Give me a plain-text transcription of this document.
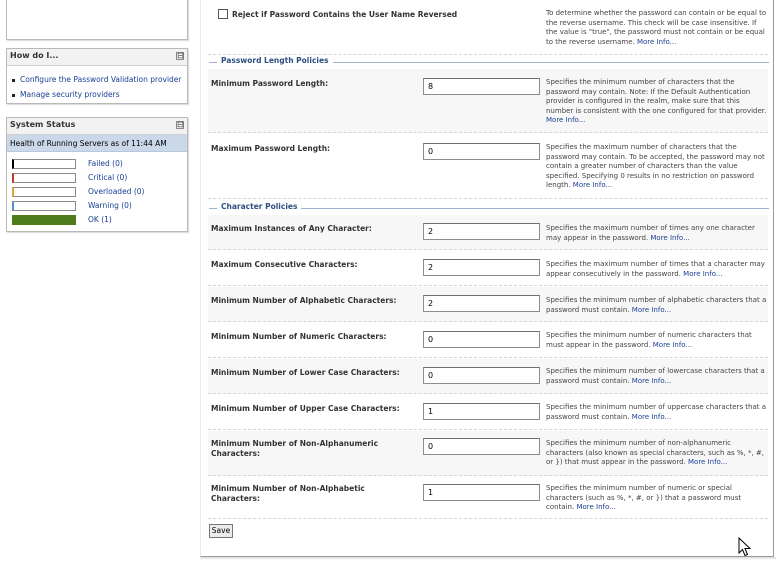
How do I...	⊟
Configure the Password Validation provider
Manage security providers
System Status	⊟
Health of Running Servers as of 11:44 AM
Failed (0)
Critical (0)
Overloaded (0)
Warning (0)
OK (1)
Reject if Password Contains the User Name Reversed	To determine whether the password can contain or be equal to the reverse username. This check will be case insensitive. If the value is "true", the password must not contain or be equal to the reverse username. More Info...
Password Length Policies
Minimum Password Length:	8	Specifies the minimum number of characters that the password may contain. Note: If the Default Authentication provider is configured in the realm, make sure that this number is consistent with the one configured for that provider. More Info...
Maximum Password Length:	0	Specifies the maximum number of characters that the password may contain. To be accepted, the password may not contain a greater number of characters than the value specified. Specifying 0 results in no restriction on password length. More Info...
Character Policies
Maximum Instances of Any Character:	2	Specifies the maximum number of times any one character may appear in the password. More Info...
Maximum Consecutive Characters:	2	Specifies the maximum number of times that a character may appear consecutively in the password. More Info...
Minimum Number of Alphabetic Characters:	2	Specifies the minimum number of alphabetic characters that a password must contain. More Info...
Minimum Number of Numeric Characters:	0	Specifies the minimum number of numeric characters that must appear in the password. More Info...
Minimum Number of Lower Case Characters:	0	Specifies the minimum number of lowercase characters that a password must contain. More Info...
Minimum Number of Upper Case Characters:	1	Specifies the minimum number of uppercase characters that a password must contain. More Info...
Minimum Number of Non-Alphanumeric Characters:
0	Specifies the minimum number of non-alphanumeric characters (also known as special characters, such as %, *, #, or }) that must appear in the password. More Info...
Minimum Number of Non-Alphabetic Characters:
1	Specifies the minimum number of numeric or special characters (such as %, *, #, or }) that a password must contain. More Info...
Save
